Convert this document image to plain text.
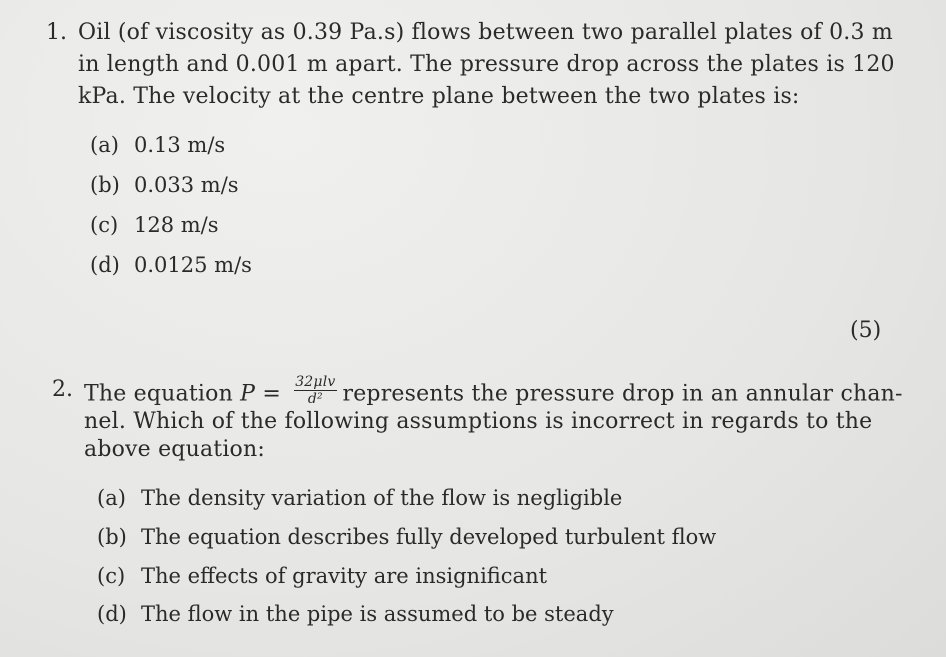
1. Oil (of viscosity as 0.39 Pa.s) flows between two parallel plates of 0.3 m
in length and 0.001 m apart. The pressure drop across the plates is 120
kPa. The velocity at the centre plane between the two plates is:
(a) 0.13 m/s
(b) 0.033 m/s
(c) 128 m/s
(d) 0.0125 m/s
(5)
2. The equation $P = \frac{\text{32μlv}}{\text{d²}}$ represents the pressure drop in an annular chan-
nel. Which of the following assumptions is incorrect in regards to the
above equation:
(a) The density variation of the flow is negligible
(b) The equation describes fully developed turbulent flow
(c) The effects of gravity are insignificant
(d) The flow in the pipe is assumed to be steady
